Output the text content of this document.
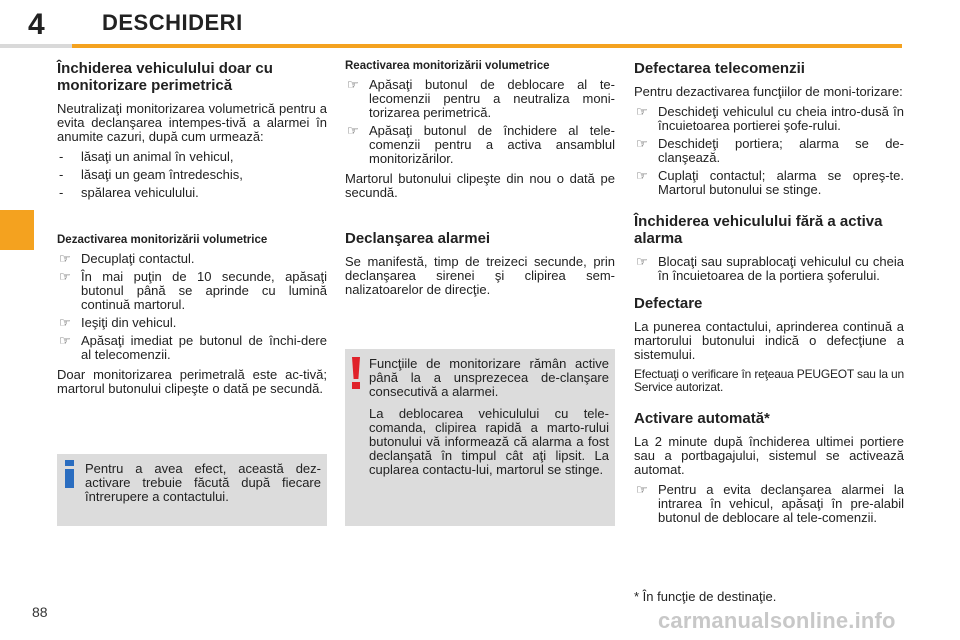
4	DESCHIDERI
Închiderea vehiculului doar cu monitorizare perimetrică

Neutralizaţi monitorizarea volumetrică pentru a evita declanşarea intempes-tivă a alarmei în anumite cazuri, după cum urmează:

-	lăsaţi un animal în vehicul,
-	lăsaţi un geam întredeschis,
-	spălarea vehiculului.
Dezactivarea monitorizării volumetrice
☞ Decuplaţi contactul.
☞ În mai puţin de 10 secunde, apăsaţi butonul până se aprinde cu lumină continuă martorul.
☞ Ieşiţi din vehicul.
☞ Apăsaţi imediat pe butonul de închi-dere al telecomenzii.

Doar monitorizarea perimetrală este ac-tivă; martorul butonului clipeşte o dată pe secundă.

Pentru a avea efect, această dez-activare trebuie făcută după fiecare întrerupere a contactului.
Reactivarea monitorizării volumetrice
☞ Apăsaţi butonul de deblocare al te-lecomenzii pentru a neutraliza moni-torizarea perimetrică.
☞ Apăsaţi butonul de închidere al tele-comenzii pentru a activa ansamblul monitorizărilor.

Martorul butonului clipeşte din nou o dată pe secundă.

Declanşarea alarmei

Se manifestă, timp de treizeci secunde, prin declanşarea sirenei şi clipirea sem-nalizatoarelor de direcţie.

Funcţiile de monitorizare rămân active până la a unsprezecea de-clanşare consecutivă a alarmei.

La deblocarea vehiculului cu tele-comanda, clipirea rapidă a marto-rului butonului vă informează că alarma a fost declanşată în timpul cât aţi lipsit. La cuplarea contactu-lui, martorul se stinge.

Defectarea telecomenzii

Pentru dezactivarea funcţiilor de moni-torizare:

☞ Deschideţi vehiculul cu cheia intro-dusă în încuietoarea portierei şofe-rului.
☞ Deschideţi portiera; alarma se de-clanşează.
☞ Cuplaţi contactul; alarma se opreş-te. Martorul butonului se stinge.
Închiderea vehiculului fără a activa alarma
☞ Blocaţi sau suprablocaţi vehiculul cu cheia în încuietoarea de la portiera şoferului.
Defectare

La punerea contactului, aprinderea continuă a martorului butonului indică o defecţiune a sistemului.

Efectuaţi o verificare în reţeaua PEUGEOT sau la un Service autorizat.

Activare automată*

La 2 minute după închiderea ultimei portiere sau a portbagajului, sistemul se activează automat.

☞ Pentru a evita declanşarea alarmei la intrarea în vehicul, apăsaţi în pre-alabil butonul de deblocare al tele-comenzii.
* În funcţie de destinaţie.
88	carmanualsonline.info
